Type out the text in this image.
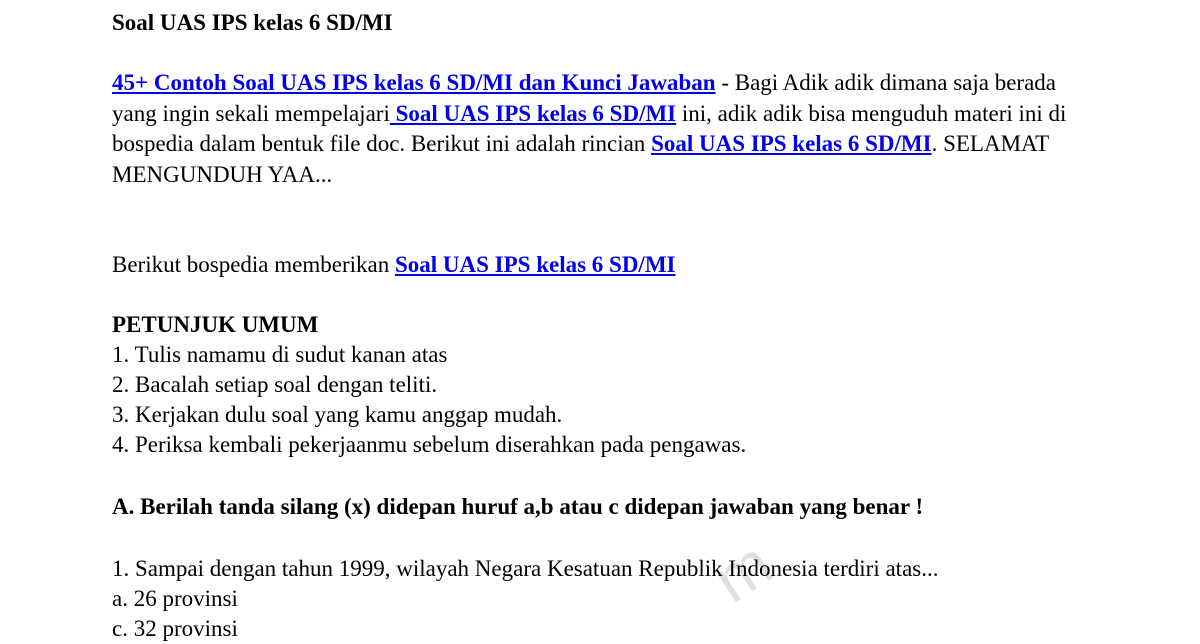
Soal UAS IPS kelas 6 SD/MI
45+ Contoh Soal UAS IPS kelas 6 SD/MI dan Kunci Jawaban - Bagi Adik adik dimana saja berada yang ingin sekali mempelajari Soal UAS IPS kelas 6 SD/MI ini, adik adik bisa menguduh materi ini di bospedia dalam bentuk file doc. Berikut ini adalah rincian Soal UAS IPS kelas 6 SD/MI. SELAMAT MENGUNDUH YAA...
Berikut bospedia memberikan Soal UAS IPS kelas 6 SD/MI
PETUNJUK UMUM
1. Tulis namamu di sudut kanan atas
2. Bacalah setiap soal dengan teliti.
3. Kerjakan dulu soal yang kamu anggap mudah.
4. Periksa kembali pekerjaanmu sebelum diserahkan pada pengawas.
A. Berilah tanda silang (x) didepan huruf a,b atau c didepan jawaban yang benar !
1. Sampai dengan tahun 1999, wilayah Negara Kesatuan Republik Indonesia terdiri atas...
a. 26 provinsi
c. 32 provinsi
m
